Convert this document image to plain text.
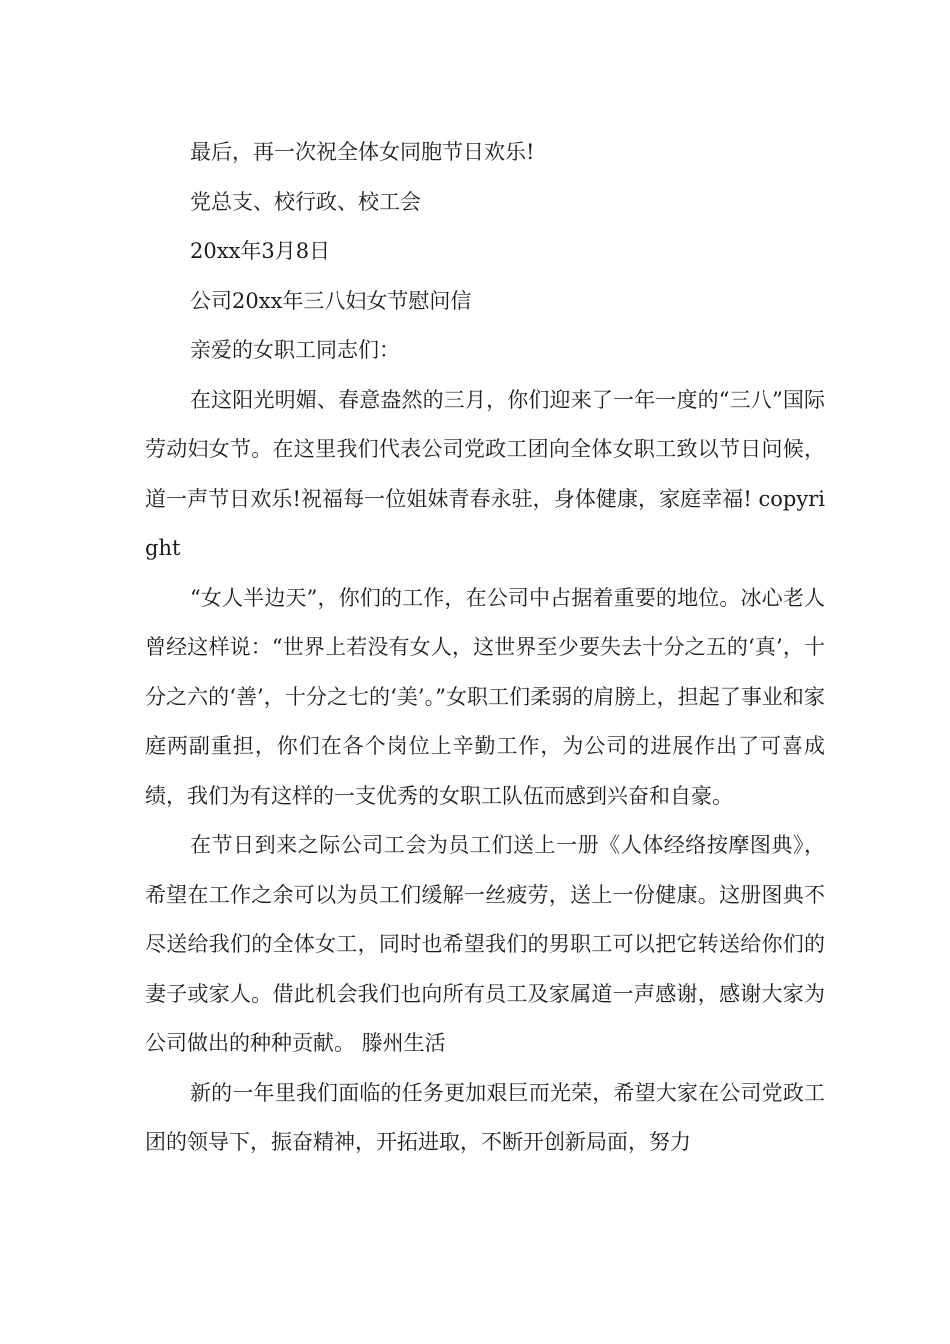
最后，再一次祝全体女同胞节日欢乐!

党总支、校行政、校工会

20xx年3月8日

公司20xx年三八妇女节慰问信

亲爱的女职工同志们：

在这阳光明媚、春意盎然的三月，你们迎来了一年一度的“三八”国际劳动妇女节。在这里我们代表公司党政工团向全体女职工致以节日问候，道一声节日欢乐!祝福每一位姐妹青春永驻，身体健康，家庭幸福! copyright

“女人半边天”，你们的工作，在公司中占据着重要的地位。冰心老人曾经这样说：“世界上若没有女人，这世界至少要失去十分之五的‘真’，十分之六的‘善’，十分之七的‘美’。”女职工们柔弱的肩膀上，担起了事业和家庭两副重担，你们在各个岗位上辛勤工作，为公司的进展作出了可喜成绩，我们为有这样的一支优秀的女职工队伍而感到兴奋和自豪。

在节日到来之际公司工会为员工们送上一册《人体经络按摩图典》，希望在工作之余可以为员工们缓解一丝疲劳，送上一份健康。这册图典不尽送给我们的全体女工，同时也希望我们的男职工可以把它转送给你们的妻子或家人。借此机会我们也向所有员工及家属道一声感谢，感谢大家为公司做出的种种贡献。 滕州生活

新的一年里我们面临的任务更加艰巨而光荣，希望大家在公司党政工团的领导下，振奋精神，开拓进取，不断开创新局面，努力
